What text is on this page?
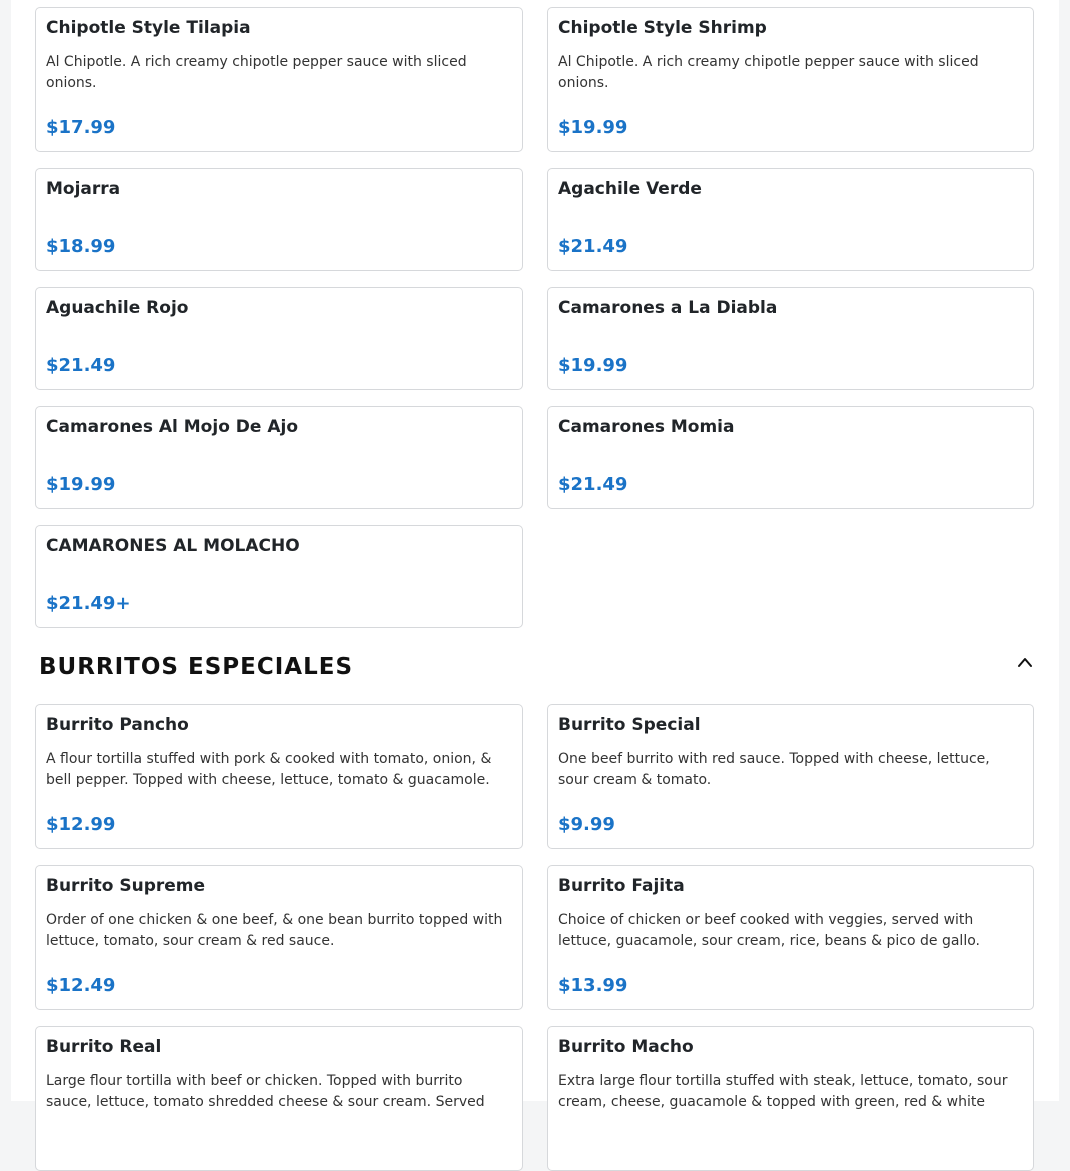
Chipotle Style Tilapia
Al Chipotle. A rich creamy chipotle pepper sauce with sliced onions.
$17.99
Chipotle Style Shrimp
Al Chipotle. A rich creamy chipotle pepper sauce with sliced onions.
$19.99
Mojarra
$18.99
Agachile Verde
$21.49
Aguachile Rojo
$21.49
Camarones a La Diabla
$19.99
Camarones Al Mojo De Ajo
$19.99
Camarones Momia
$21.49
CAMARONES AL MOLACHO
$21.49+
BURRITOS ESPECIALES
Burrito Pancho
A flour tortilla stuffed with pork & cooked with tomato, onion, & bell pepper. Topped with cheese, lettuce, tomato & guacamole.
$12.99
Burrito Special
One beef burrito with red sauce. Topped with cheese, lettuce, sour cream & tomato.
$9.99
Burrito Supreme
Order of one chicken & one beef, & one bean burrito topped with lettuce, tomato, sour cream & red sauce.
$12.49
Burrito Fajita
Choice of chicken or beef cooked with veggies, served with lettuce, guacamole, sour cream, rice, beans & pico de gallo.
$13.99
Burrito Real
Large flour tortilla with beef or chicken. Topped with burrito sauce, lettuce, tomato shredded cheese & sour cream. Served
Burrito Macho
Extra large flour tortilla stuffed with steak, lettuce, tomato, sour cream, cheese, guacamole & topped with green, red & white
